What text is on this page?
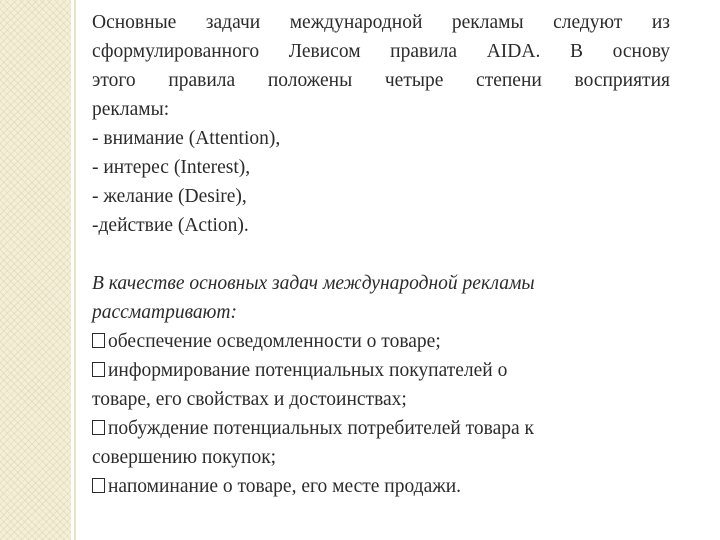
Основные задачи международной рекламы следуют из
сформулированного Левисом правила AIDA. В основу
этого правила положены четыре степени восприятия
рекламы:
- внимание (Attention),
- интерес (Interest),
- желание (Desire),
-действие (Action).
В качестве основных задач международной рекламы
рассматривают:
обеспечение осведомленности о товаре;
информирование потенциальных покупателей о
товаре, его свойствах и достоинствах;
побуждение потенциальных потребителей товара к
совершению покупок;
напоминание о товаре, его месте продажи.
